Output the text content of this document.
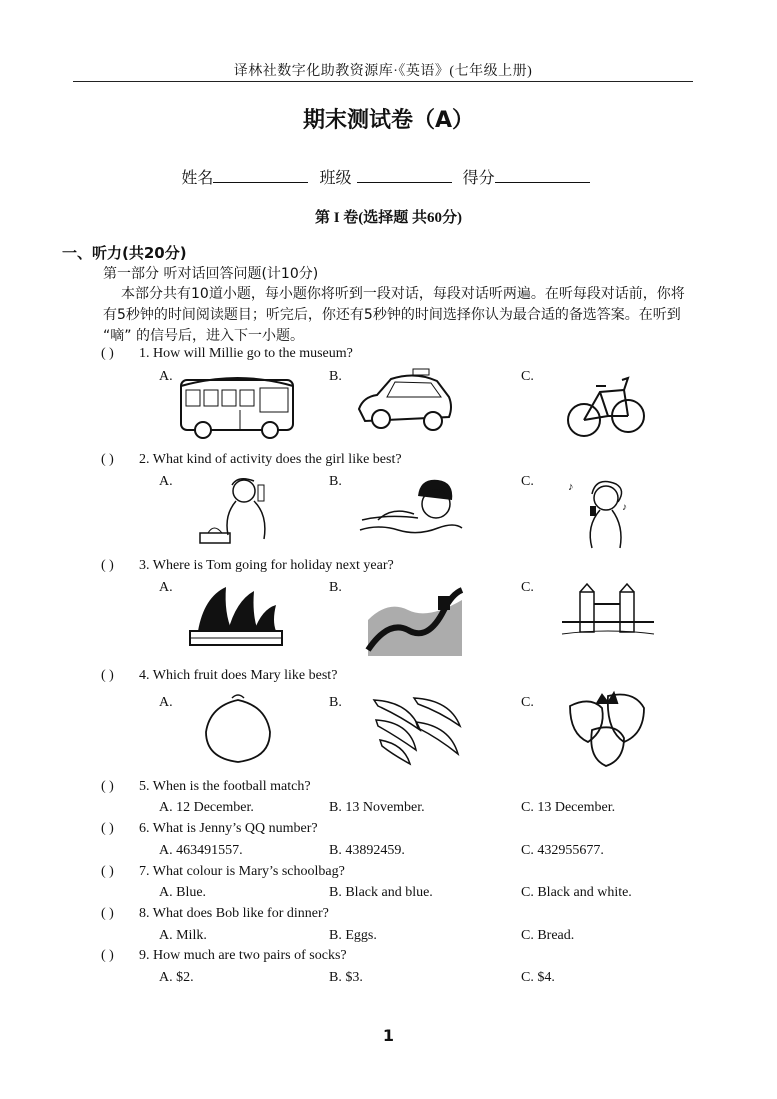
译林社数字化助教资源库·《英语》(七年级上册)
期末测试卷（A）
姓名	班级	得分
第 I 卷(选择题 共60分)
一、听力(共20分)
第一部分 听对话回答问题(计10分)
本部分共有10道小题，每小题你将听到一段对话，每段对话听两遍。在听每段对话前，你将有5秒钟的时间阅读题目；听完后，你还有5秒钟的时间选择你认为最合适的备选答案。在听到 “嘀” 的信号后，进入下一小题。
( ) 1. How will Millie go to the museum?
A.	B.	C.
( ) 2. What kind of activity does the girl like best?
A.	B.	C.	♪
♪
( ) 3. Where is Tom going for holiday next year?
A.	B.	C.
( ) 4. Which fruit does Mary like best?
A.	B.	C.
( ) 5. When is the football match?
A. 12 December.	B. 13 November.	C. 13 December.
( ) 6. What is Jenny’s QQ number?
A. 463491557.	B. 43892459.	C. 432955677.
( ) 7. What colour is Mary’s schoolbag?
A. Blue.	B. Black and blue.	C. Black and white.
( ) 8. What does Bob like for dinner?
A. Milk.	B. Eggs.	C. Bread.
( ) 9. How much are two pairs of socks?
A. $2.	B. $3.	C. $4.
1
